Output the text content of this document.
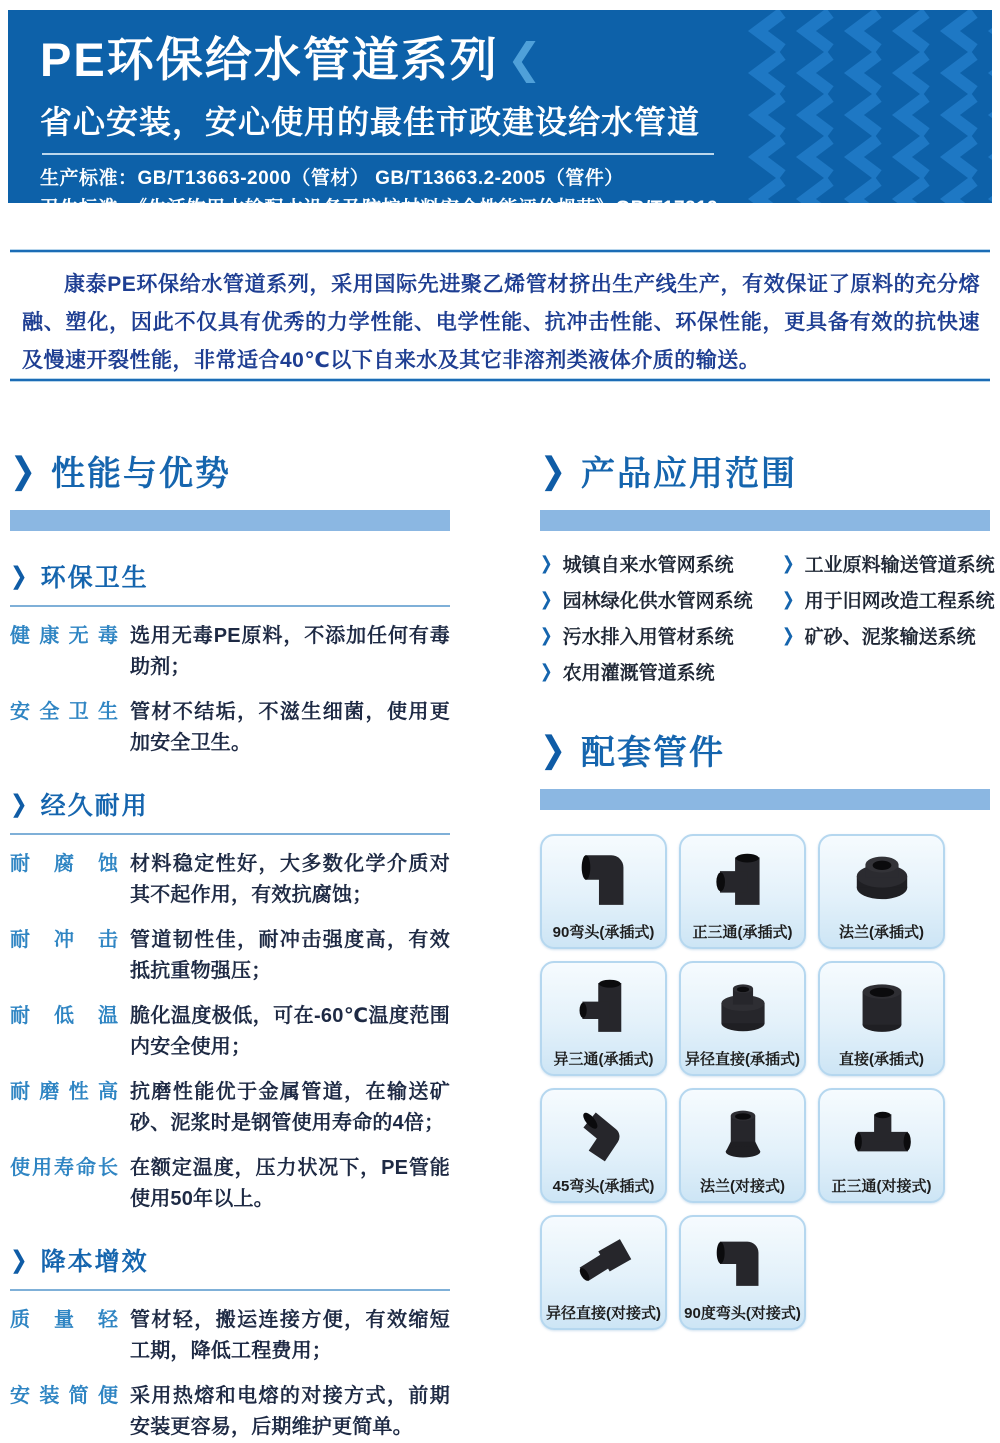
PE环保给水管道系列 ❮
省心安装，安心使用的最佳市政建设给水管道
生产标准：GB/T13663-2000（管材） GB/T13663.2-2005（管件）
卫生标准：《生活饮用水输配水设备及防护材料安全性能评价规范》GB/T17219

康泰PE环保给水管道系列，采用国际先进聚乙烯管材挤出生产线生产，有效保证了原料的充分熔融、塑化，因此不仅具有优秀的力学性能、电学性能、抗冲击性能、环保性能，更具备有效的抗快速及慢速开裂性能，非常适合40℃以下自来水及其它非溶剂类液体介质的输送。

❯
性能与优势
❯
环保卫生
健康无毒 选用无毒PE原料，不添加任何有毒助剂；
安全卫生 管材不结垢，不滋生细菌，使用更加安全卫生。
❯
经久耐用
耐腐蚀 材料稳定性好，大多数化学介质对其不起作用，有效抗腐蚀；
耐冲击 管道韧性佳，耐冲击强度高，有效抵抗重物强压；
耐低温 脆化温度极低，可在-60℃温度范围内安全使用；
耐磨性高 抗磨性能优于金属管道，在输送矿砂、泥浆时是钢管使用寿命的4倍；
使用寿命长 在额定温度，压力状况下，PE管能使用50年以上。
❯
降本增效
质量轻 管材轻，搬运连接方便，有效缩短工期，降低工程费用；
安装简便 采用热熔和电熔的对接方式，前期安装更容易，后期维护更简单。
❯
产品应用范围
❯
城镇自来水管网系统
❯
园林绿化供水管网系统
❯
污水排入用管材系统
❯
农用灌溉管道系统
❯
工业原料输送管道系统
❯
用于旧网改造工程系统
❯
矿砂、泥浆输送系统
❯
配套管件
90弯头(承插式)	正三通(承插式)	法兰(承插式)
异三通(承插式) 异径直接(承插式)	直接(承插式)
45弯头(承插式)	法兰(对接式)	正三通(对接式)
异径直接(对接式) 90度弯头(对接式)
